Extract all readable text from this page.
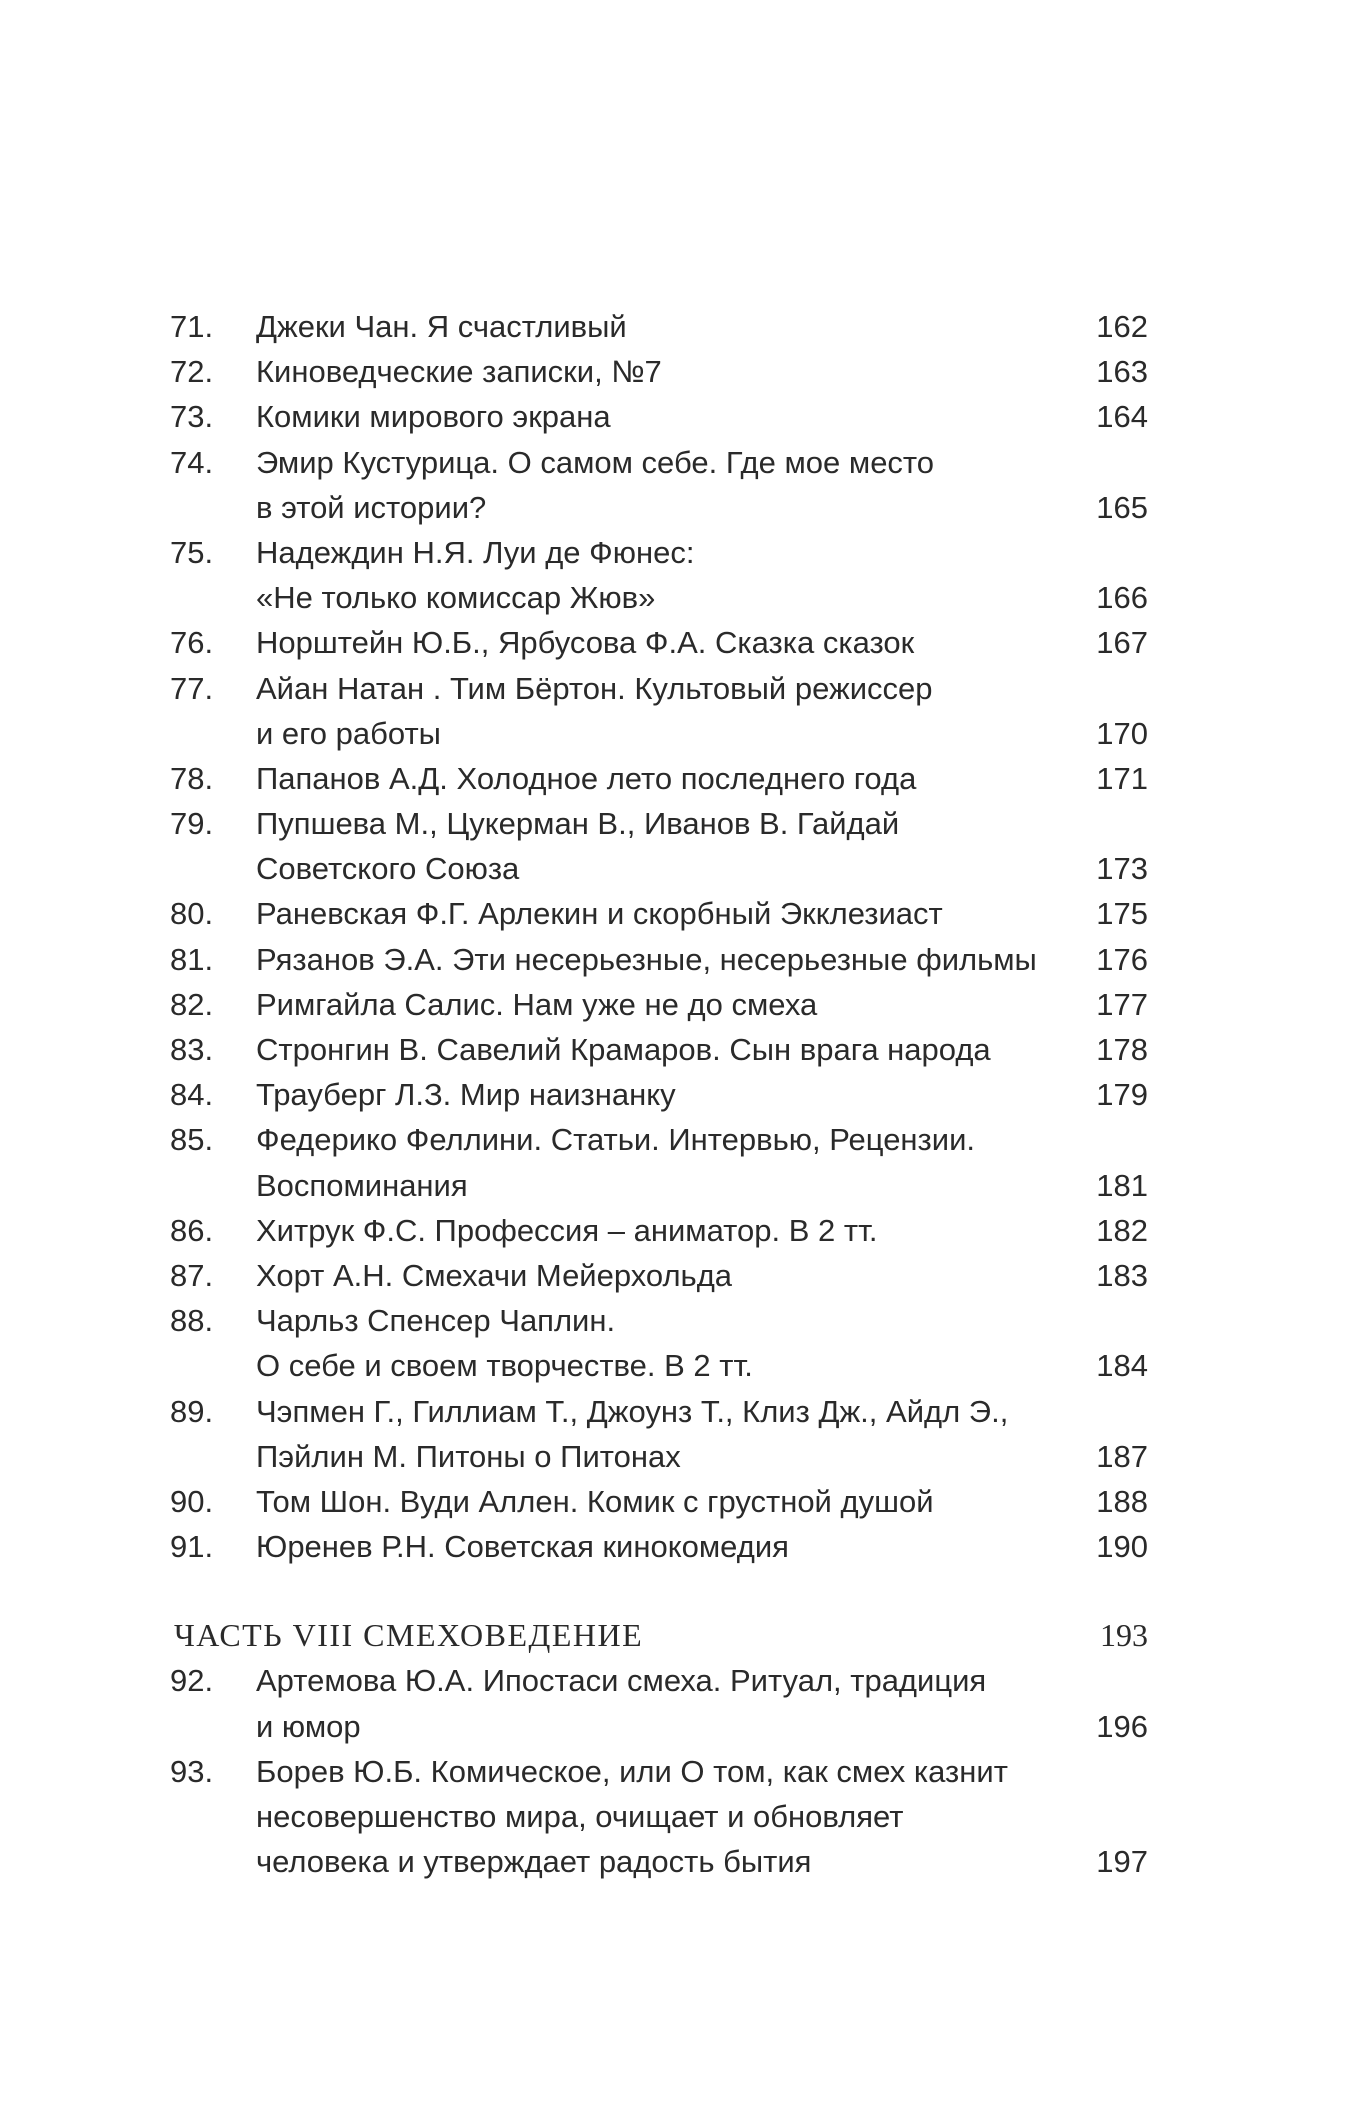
71. Джеки Чан. Я счастливый	162
72. Киноведческие записки, №7	163
73. Комики мирового экрана	164
74. Эмир Кустурица. О самом себе. Где мое место
в этой истории?	165
75. Надеждин Н.Я. Луи де Фюнес:
«Не только комиссар Жюв»	166
76. Норштейн Ю.Б., Ярбусова Ф.А. Сказка сказок	167
77. Айан Натан . Тим Бёртон. Культовый режиссер
и его работы	170
78. Папанов А.Д. Холодное лето последнего года	171
79. Пупшева М., Цукерман В., Иванов В. Гайдай
Советского Союза	173
80. Раневская Ф.Г. Арлекин и скорбный Экклезиаст	175
81. Рязанов Э.А. Эти несерьезные, несерьезные фильмы 176
82. Римгайла Салис. Нам уже не до смеха	177
83. Стронгин В. Савелий Крамаров. Сын врага народа	178
84. Трауберг Л.З. Мир наизнанку	179
85. Федерико Феллини. Статьи. Интервью, Рецензии.
Воспоминания	181
86. Хитрук Ф.С. Профессия – аниматор. В 2 тт.	182
87. Хорт А.Н. Смехачи Мейерхольда	183
88. Чарльз Спенсер Чаплин.
О себе и своем творчестве. В 2 тт.	184
89. Чэпмен Г., Гиллиам Т., Джоунз Т., Клиз Дж., Айдл Э.,
Пэйлин М. Питоны о Питонах	187
90. Том Шон. Вуди Аллен. Комик с грустной душой	188
91. Юренев Р.Н. Советская кинокомедия	190
ЧАСТЬ VIII СМЕХОВЕДЕНИЕ	193
92. Артемова Ю.А. Ипостаси смеха. Ритуал, традиция
и юмор	196
93. Борев Ю.Б. Комическое, или О том, как смех казнит
несовершенство мира, очищает и обновляет
человека и утверждает радость бытия	197
